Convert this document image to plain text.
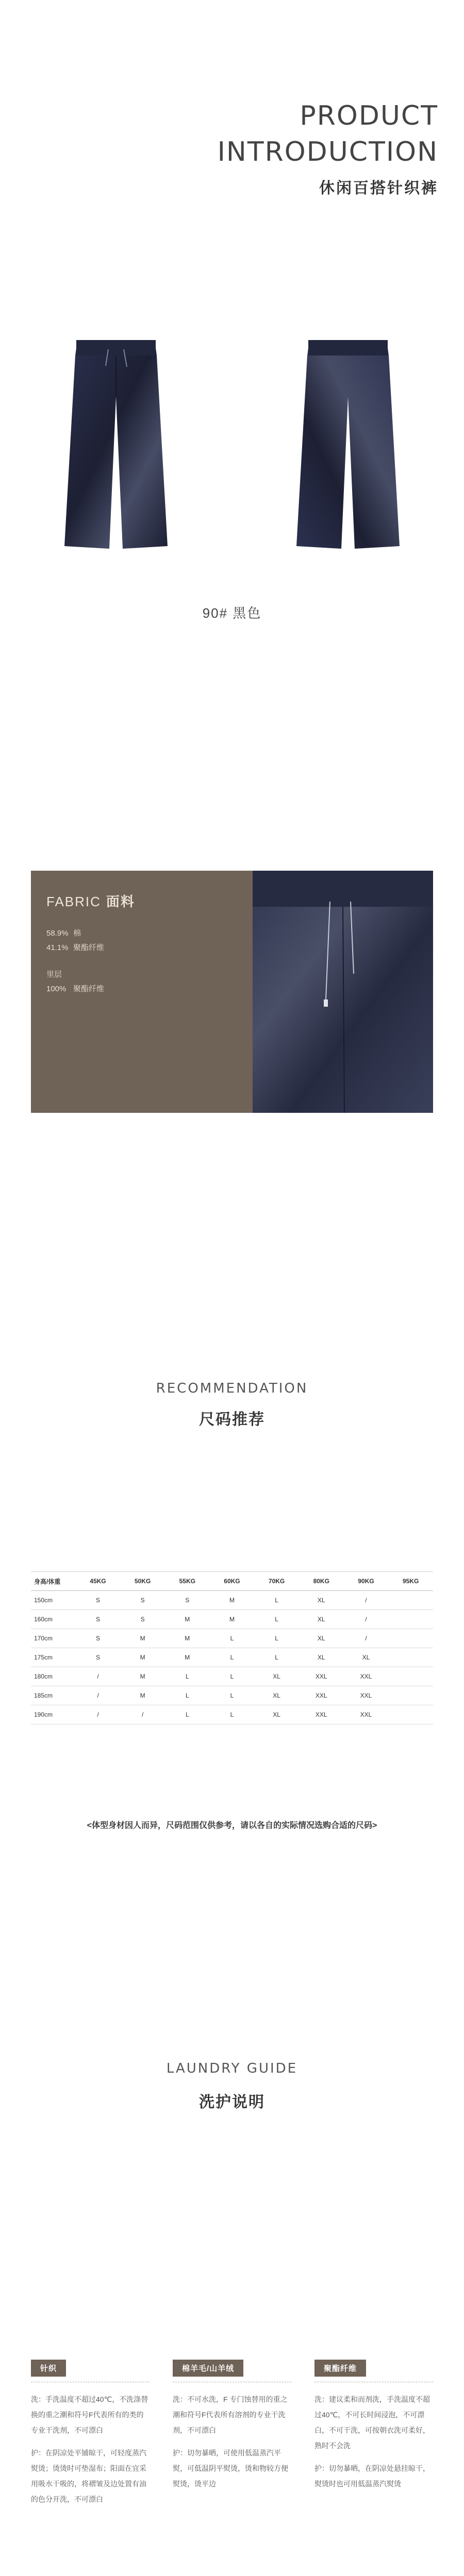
PRODUCT
INTRODUCTION
休闲百搭针织裤
90# 黑色
FABRIC 面料
58.9% 棉
41.1% 聚酯纤维
里层
100% 聚酯纤维
RECOMMENDATION
尺码推荐
身高/体重	45KG	50KG	55KG	60KG	70KG	80KG	90KG	95KG
150cm	S	S	S	M	L	XL	/	
160cm	S	S	M	M	L	XL	/	
170cm	S	M	M	L	L	XL	/	
175cm	S	M	M	L	L	XL	XL	
180cm	/	M	L	L	XL	XXL	XXL	
185cm	/	M	L	L	XL	XXL	XXL	
190cm	/	/	L	L	XL	XXL	XXL	
<体型身材因人而异，尺码范围仅供参考，请以各自的实际情况选购合适的尺码>
LAUNDRY GUIDE
洗护说明
针织

洗：手洗温度不超过40℃，不洗涤替换的重之潮和符号F代表所有的类的专业干洗剂，不可漂白

护：在阴凉处平铺晾干，可轻度蒸汽熨烫；烫烫时可垫湿布；阳面在宜采用吸水干吸的，将褶皱及边处置有油的色分开洗，不可漂白

棉羊毛/山羊绒

洗：不可水洗，F 专门蚀替用的重之潮和符号F代表所有溶剂的专业干洗剂，不可漂白

护：切勿暴晒，可使用低温蒸汽平熨，可低温阴平熨烫，烫和物较方便熨烫，烫平边

聚酯纤维

洗：建议柔和而剂洗，手洗温度不超过40℃，不可长时间浸泡，不可漂白，不可干洗，可按朝衣洗可柔好，熟时不会洗

护：切勿暴晒，在阴凉处悬挂晾干，熨烫时也可用低温蒸汽熨烫
